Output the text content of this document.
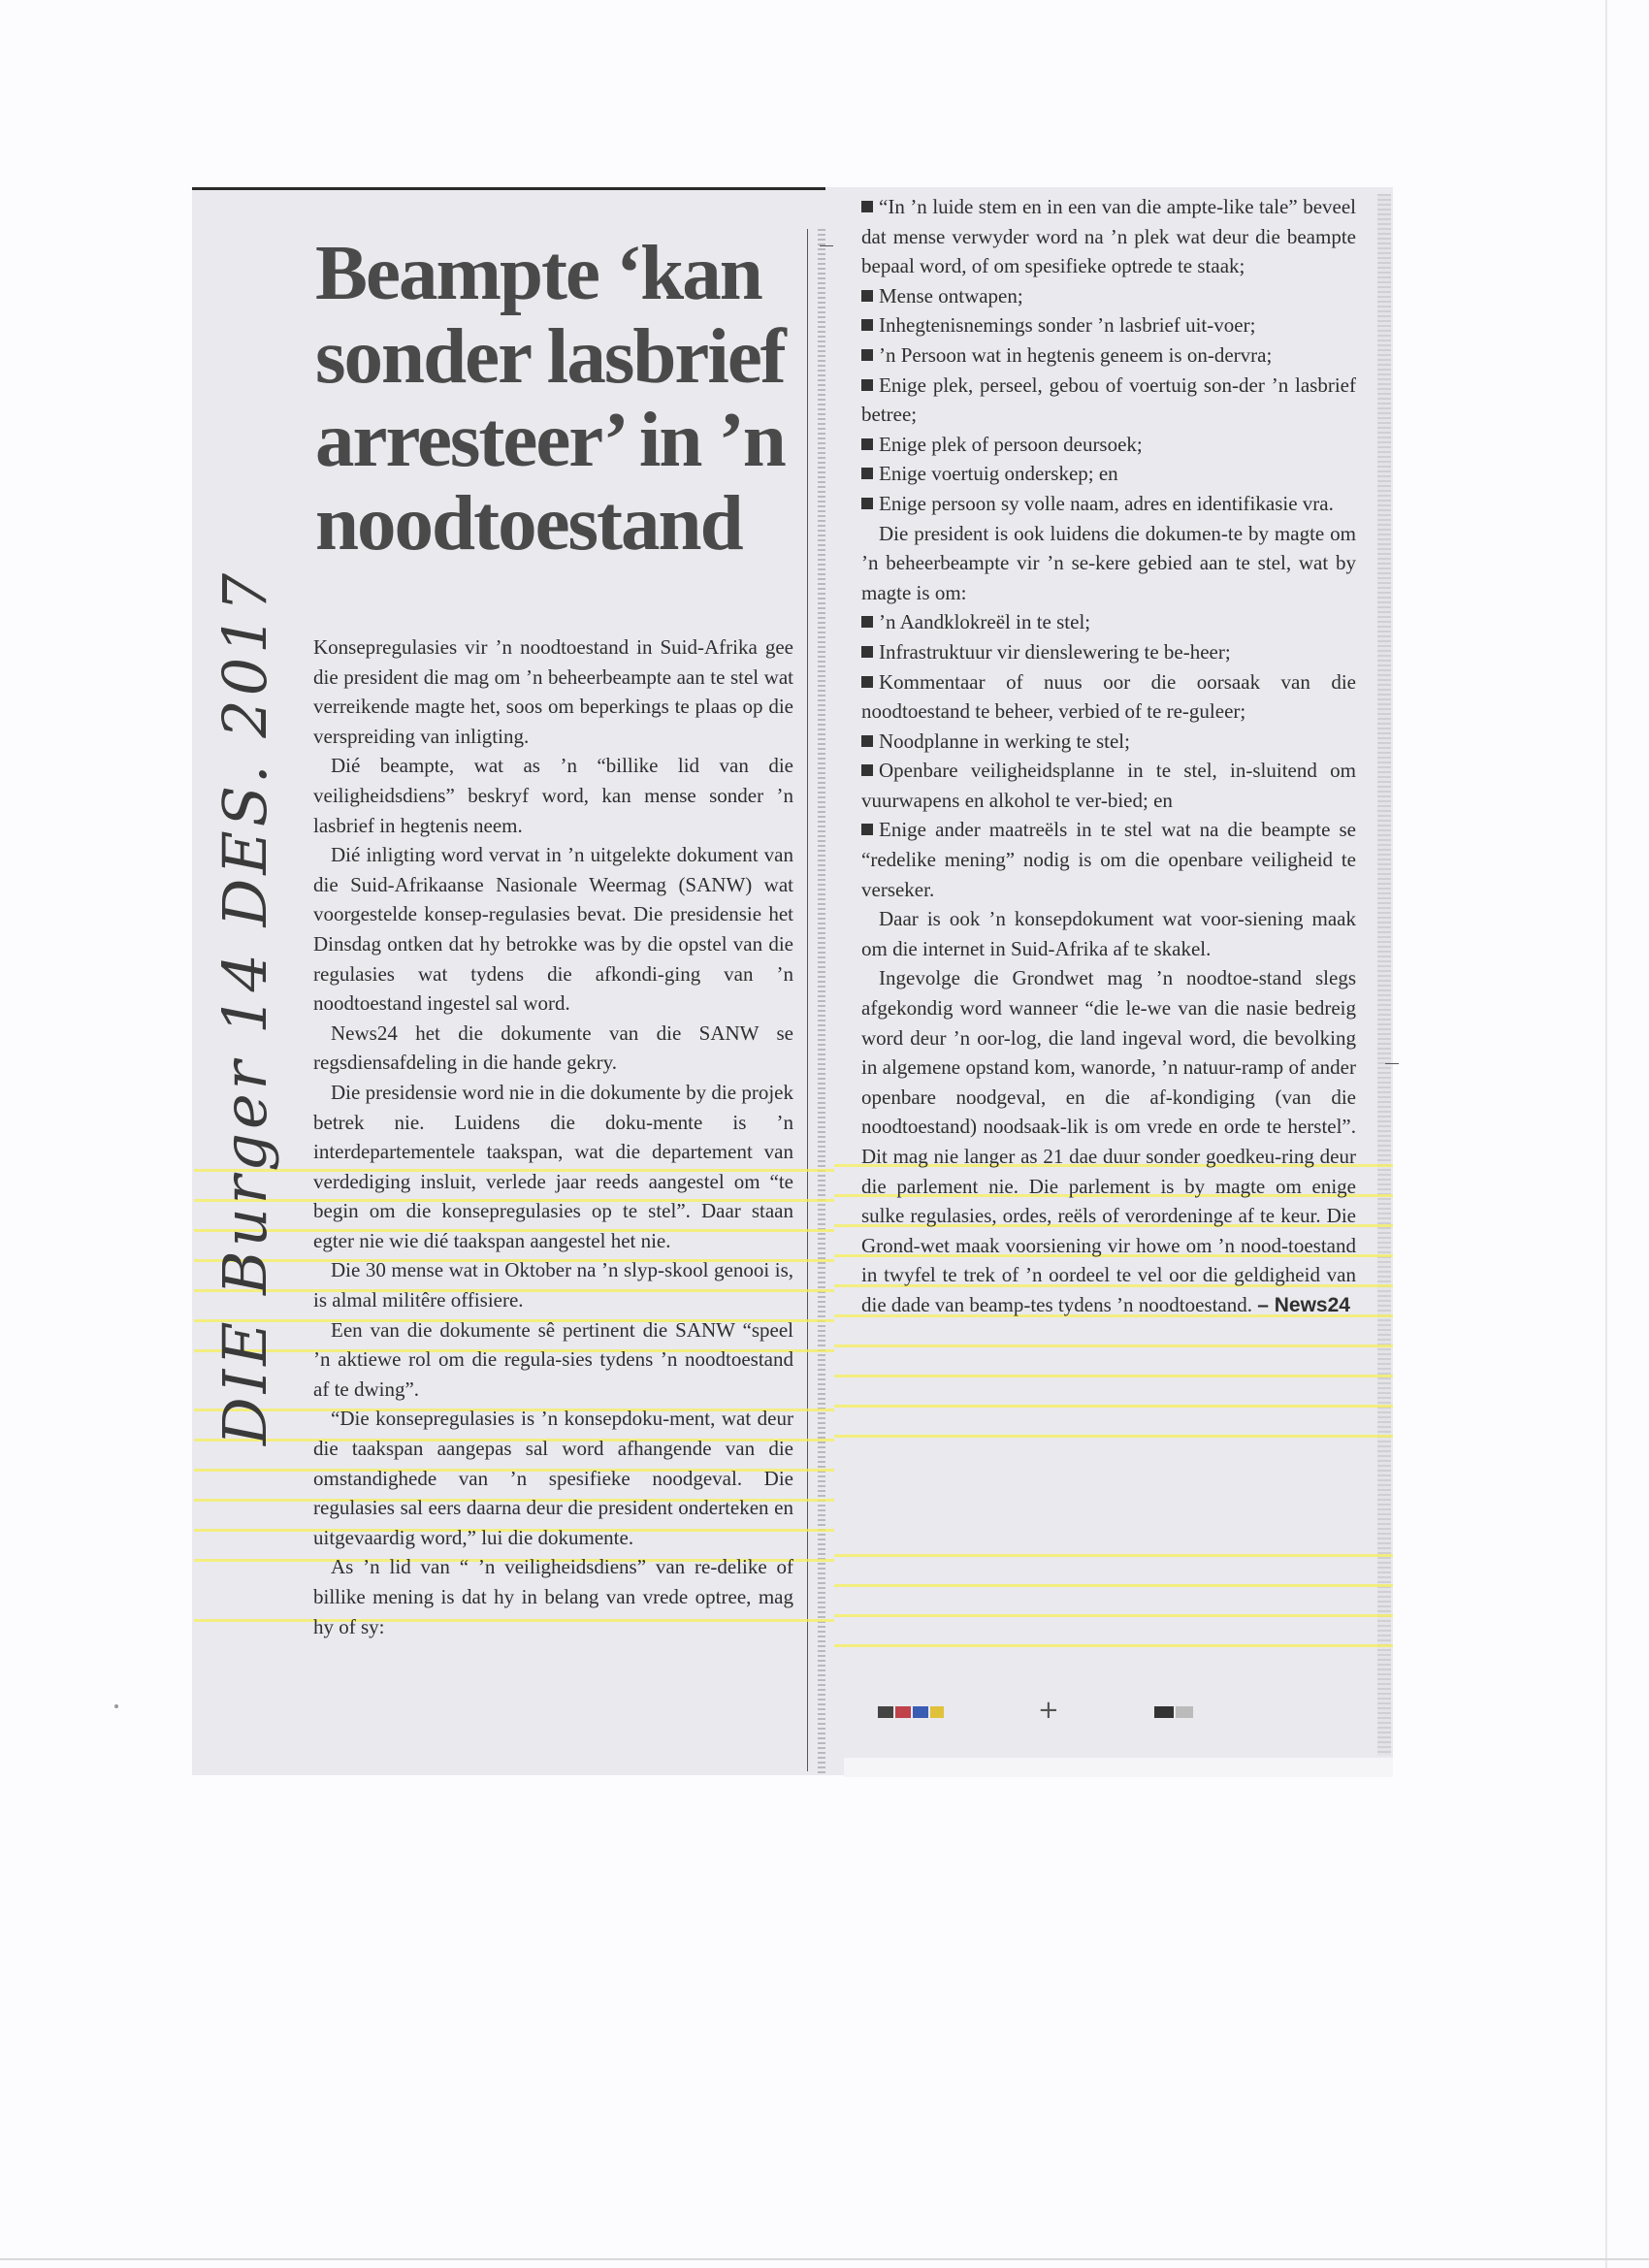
DIE Burger 14 DES. 2017
Beampte ‘kan
sonder lasbrief
arresteer’ in ’n
noodtoestand

Konsepregulasies vir ’n noodtoestand in Suid-Afrika gee die president die mag om ’n beheerbeampte aan te stel wat verreikende magte het, soos om beperkings te plaas op die verspreiding van inligting.

Dié beampte, wat as ’n “billike lid van die veiligheidsdiens” beskryf word, kan mense sonder ’n lasbrief in hegtenis neem.

Dié inligting word vervat in ’n uitgelekte dokument van die Suid-Afrikaanse Nasionale Weermag (SANW) wat voorgestelde konsep-regulasies bevat. Die presidensie het Dinsdag ontken dat hy betrokke was by die opstel van die regulasies wat tydens die afkondi-ging van ’n noodtoestand ingestel sal word.

News24 het die dokumente van die SANW se regsdiensafdeling in die hande gekry.

Die presidensie word nie in die dokumente by die projek betrek nie. Luidens die doku-mente is ’n interdepartementele taakspan, wat die departement van verdediging insluit, verlede jaar reeds aangestel om “te begin om die konsepregulasies op te stel”. Daar staan egter nie wie dié taakspan aangestel het nie.

Die 30 mense wat in Oktober na ’n slyp-skool genooi is, is almal militêre offisiere.

Een van die dokumente sê pertinent die SANW “speel ’n aktiewe rol om die regula-sies tydens ’n noodtoestand af te dwing”.

“Die konsepregulasies is ’n konsepdoku-ment, wat deur die taakspan aangepas sal word afhangende van die omstandighede van ’n spesifieke noodgeval. Die regulasies sal eers daarna deur die president onderteken en uitgevaardig word,” lui die dokumente.

As ’n lid van “ ’n veiligheidsdiens” van re-delike of billike mening is dat hy in belang van vrede optree, mag hy of sy:

“In ’n luide stem en in een van die ampte-like tale” beveel dat mense verwyder word na ’n plek wat deur die beampte bepaal word, of om spesifieke optrede te staak;

Mense ontwapen;

Inhegtenisnemings sonder ’n lasbrief uit-voer;

’n Persoon wat in hegtenis geneem is on-dervra;

Enige plek, perseel, gebou of voertuig son-der ’n lasbrief betree;

Enige plek of persoon deursoek;

Enige voertuig onderskep; en

Enige persoon sy volle naam, adres en identifikasie vra.

Die president is ook luidens die dokumen-te by magte om ’n beheerbeampte vir ’n se-kere gebied aan te stel, wat by magte is om:

’n Aandklokreël in te stel;

Infrastruktuur vir dienslewering te be-heer;

Kommentaar of nuus oor die oorsaak van die noodtoestand te beheer, verbied of te re-guleer;

Noodplanne in werking te stel;

Openbare veiligheidsplanne in te stel, in-sluitend om vuurwapens en alkohol te ver-bied; en

Enige ander maatreëls in te stel wat na die beampte se “redelike mening” nodig is om die openbare veiligheid te verseker.

Daar is ook ’n konsepdokument wat voor-siening maak om die internet in Suid-Afrika af te skakel.

Ingevolge die Grondwet mag ’n noodtoe-stand slegs afgekondig word wanneer “die le-we van die nasie bedreig word deur ’n oor-log, die land ingeval word, die bevolking in algemene opstand kom, wanorde, ’n natuur-ramp of ander openbare noodgeval, en die af-kondiging (van die noodtoestand) noodsaak-lik is om vrede en orde te herstel”. Dit mag nie langer as 21 dae duur sonder goedkeu-ring deur die parlement nie. Die parlement is by magte om enige sulke regulasies, ordes, reëls of verordeninge af te keur. Die Grond-wet maak voorsiening vir howe om ’n nood-toestand in twyfel te trek of ’n oordeel te vel oor die geldigheid van die dade van beamp-tes tydens ’n noodtoestand. – News24

+
